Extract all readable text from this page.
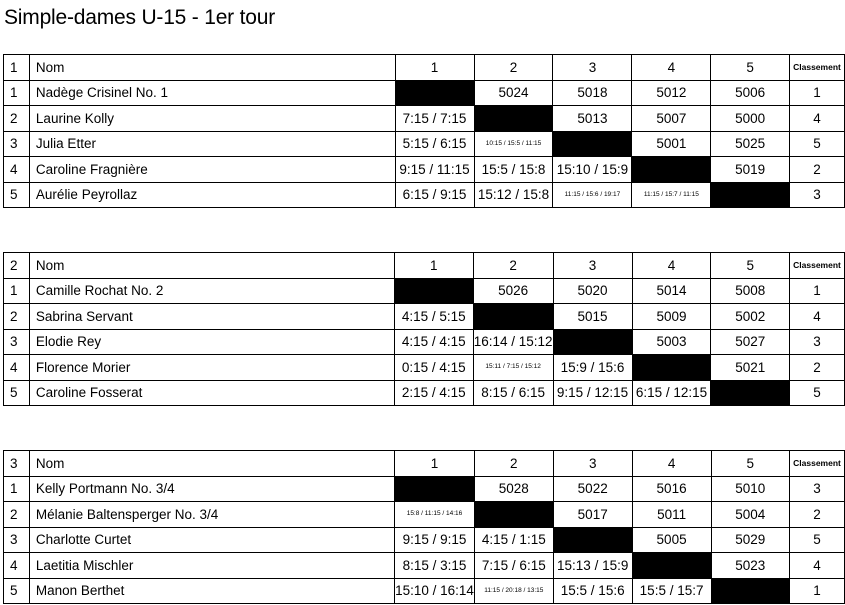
Simple-dames U-15 - 1er tour
1	Nom	1	2	3	4	5	Classement
1	Nadège Crisinel No. 1		5024	5018	5012	5006	1
2	Laurine Kolly	7:15 / 7:15		5013	5007	5000	4
3	Julia Etter	5:15 / 6:15	10:15 / 15:5 / 11:15		5001	5025	5
4	Caroline Fragnière	9:15 / 11:15	15:5 / 15:8	15:10 / 15:9		5019	2
5	Aurélie Peyrollaz	6:15 / 9:15	15:12 / 15:8	11:15 / 15:6 / 19:17	11:15 / 15:7 / 11:15		3
2	Nom	1	2	3	4	5	Classement
1	Camille Rochat No. 2		5026	5020	5014	5008	1
2	Sabrina Servant	4:15 / 5:15		5015	5009	5002	4
3	Elodie Rey	4:15 / 4:15	16:14 / 15:12		5003	5027	3
4	Florence Morier	0:15 / 4:15	15:11 / 7:15 / 15:12	15:9 / 15:6		5021	2
5	Caroline Fosserat	2:15 / 4:15	8:15 / 6:15	9:15 / 12:15	6:15 / 12:15		5
3	Nom	1	2	3	4	5	Classement
1	Kelly Portmann No. 3/4		5028	5022	5016	5010	3
2	Mélanie Baltensperger No. 3/4	15:8 / 11:15 / 14:16		5017	5011	5004	2
3	Charlotte Curtet	9:15 / 9:15	4:15 / 1:15		5005	5029	5
4	Laetitia Mischler	8:15 / 3:15	7:15 / 6:15	15:13 / 15:9		5023	4
5	Manon Berthet	15:10 / 16:14	11:15 / 20:18 / 13:15	15:5 / 15:6	15:5 / 15:7		1
